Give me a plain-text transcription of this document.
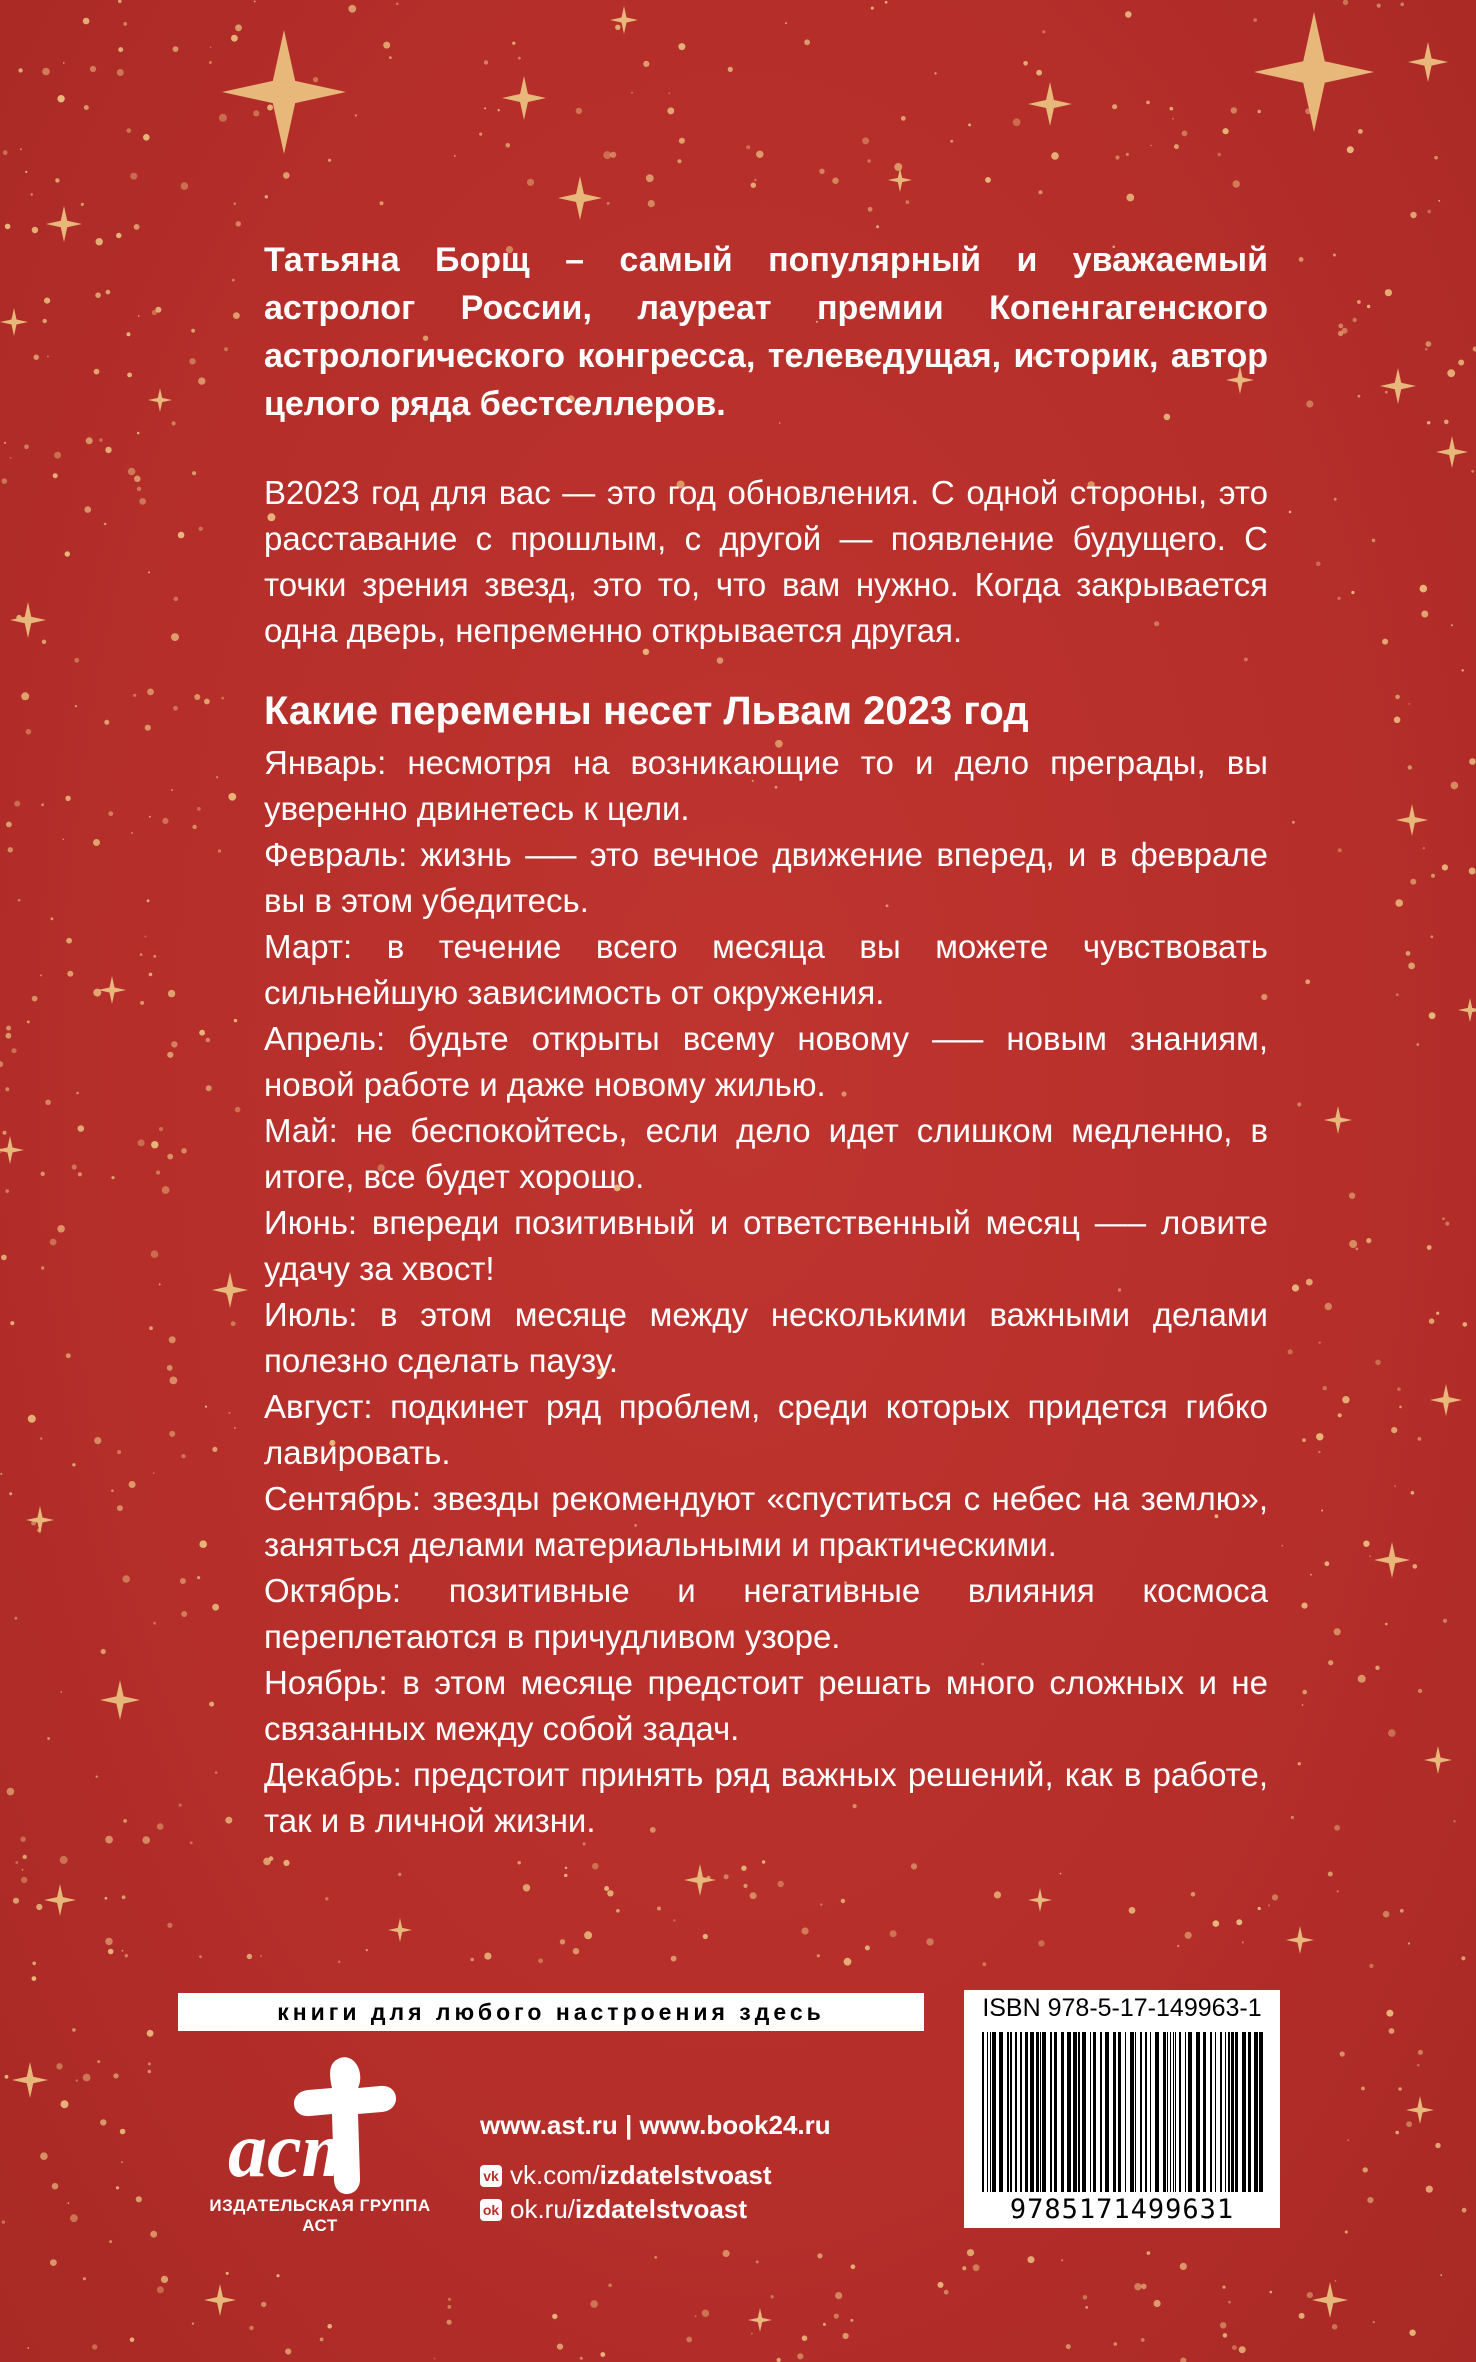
Татьяна Борщ – самый популярный и уважаемый астролог России, лауреат премии Копенгагенского астрологического конгресса, телеведущая, историк, автор целого ряда бестселлеров.

В2023 год для вас — это год обновления. С одной стороны, это расставание с прошлым, с другой — появление будущего. С точки зрения звезд, это то, что вам нужно. Когда закрывается одна дверь, непременно открывается другая.

Какие перемены несет Львам 2023 год
Январь: несмотря на возникающие то и дело преграды, вы уверенно двинетесь к цели.
Февраль: жизнь —– это вечное движение вперед, и в феврале вы в этом убедитесь.
Март: в течение всего месяца вы можете чувствовать сильнейшую зависимость от окружения.
Апрель: будьте открыты всему новому —– новым знаниям, новой работе и даже новому жилью.
Май: не беспокойтесь, если дело идет слишком медленно, в итоге, все будет хорошо.
Июнь: впереди позитивный и ответственный месяц —– ловите удачу за хвост!
Июль: в этом месяце между несколькими важными делами полезно сделать паузу.
Август: подкинет ряд проблем, среди которых придется гибко лавировать.
Сентябрь: звезды рекомендуют «спуститься с небес на землю», заняться делами материальными и практическими.
Октябрь: позитивные и негативные влияния космоса переплетаются в причудливом узоре.
Ноябрь: в этом месяце предстоит решать много сложных и не связанных между собой задач.
Декабрь: предстоит принять ряд важных решений, как в работе, так и в личной жизни.
книги для любого настроения здесь
аст
ИЗДАТЕЛЬСКАЯ ГРУППА АСТ
www.ast.ru | www.book24.ru
vk vk.com/ izdatelstvoast
ok ok.ru/ izdatelstvoast
ISBN 978-5-17-149963-1
9785171499631
